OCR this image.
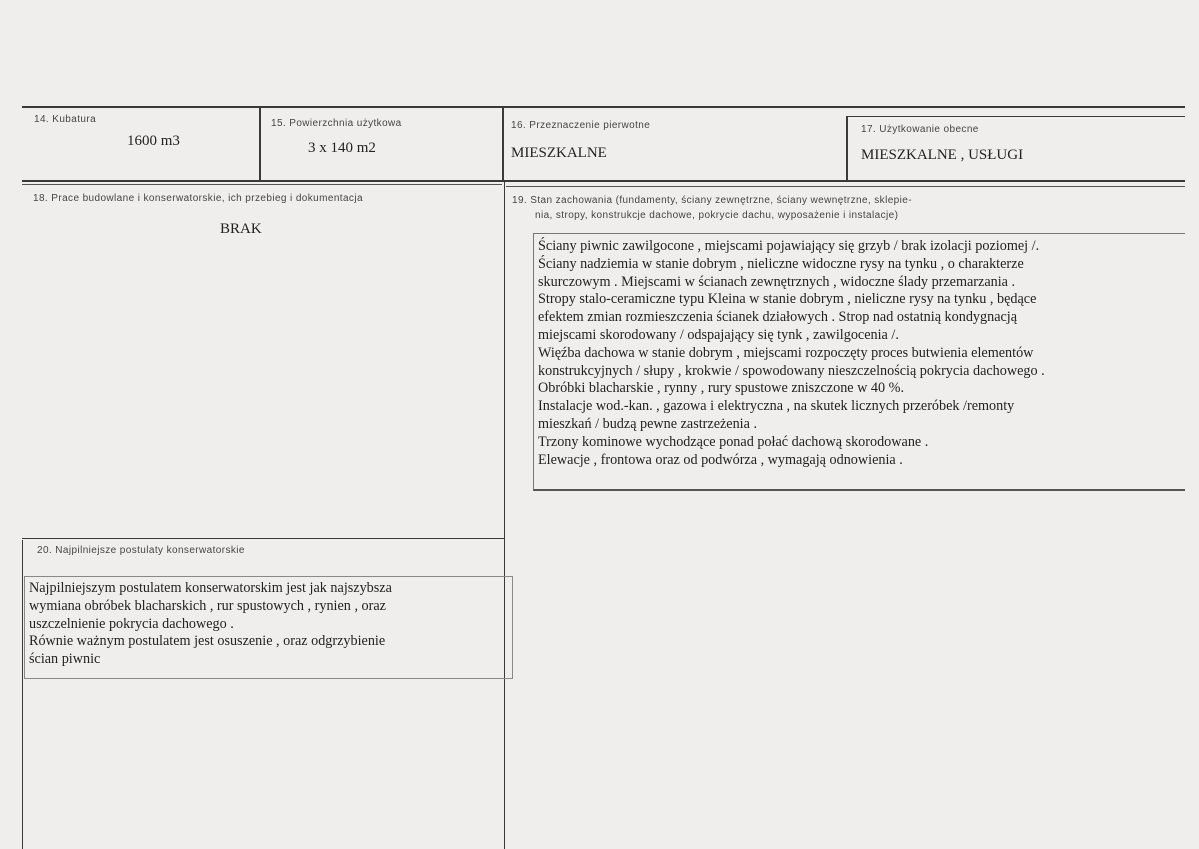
14. Kubatura
1600 m3
15. Powierzchnia użytkowa
3 x 140 m2
16. Przeznaczenie pierwotne
MIESZKALNE
17. Użytkowanie obecne
MIESZKALNE , USŁUGI
18. Prace budowlane i konserwatorskie, ich przebieg i dokumentacja
BRAK
19. Stan zachowania (fundamenty, ściany zewnętrzne, ściany wewnętrzne, sklepie-
nia, stropy, konstrukcje dachowe, pokrycie dachu, wyposażenie i instalacje)
Ściany piwnic zawilgocone , miejscami pojawiający się grzyb / brak izolacji poziomej /.
Ściany nadziemia w stanie dobrym , nieliczne widoczne rysy na tynku , o charakterze
skurczowym . Miejscami w ścianach zewnętrznych , widoczne ślady przemarzania .
Stropy stalo-ceramiczne typu Kleina w stanie dobrym , nieliczne rysy na tynku , będące
efektem zmian rozmieszczenia ścianek działowych . Strop nad ostatnią kondygnacją
miejscami skorodowany / odspajający się tynk , zawilgocenia /.
Więźba dachowa w stanie dobrym , miejscami rozpoczęty proces butwienia elementów
konstrukcyjnych / słupy , krokwie / spowodowany nieszczelnością pokrycia dachowego .
Obróbki blacharskie , rynny , rury spustowe zniszczone w 40 %.
Instalacje wod.-kan. , gazowa i elektryczna , na skutek licznych przeróbek /remonty
mieszkań / budzą pewne zastrzeżenia .
Trzony kominowe wychodzące ponad połać dachową skorodowane .
Elewacje , frontowa oraz od podwórza , wymagają odnowienia .
20. Najpilniejsze postulaty konserwatorskie
Najpilniejszym postulatem konserwatorskim jest jak najszybsza
wymiana obróbek blacharskich , rur spustowych , rynien , oraz
uszczelnienie pokrycia dachowego .
Równie ważnym postulatem jest osuszenie , oraz odgrzybienie
ścian piwnic
